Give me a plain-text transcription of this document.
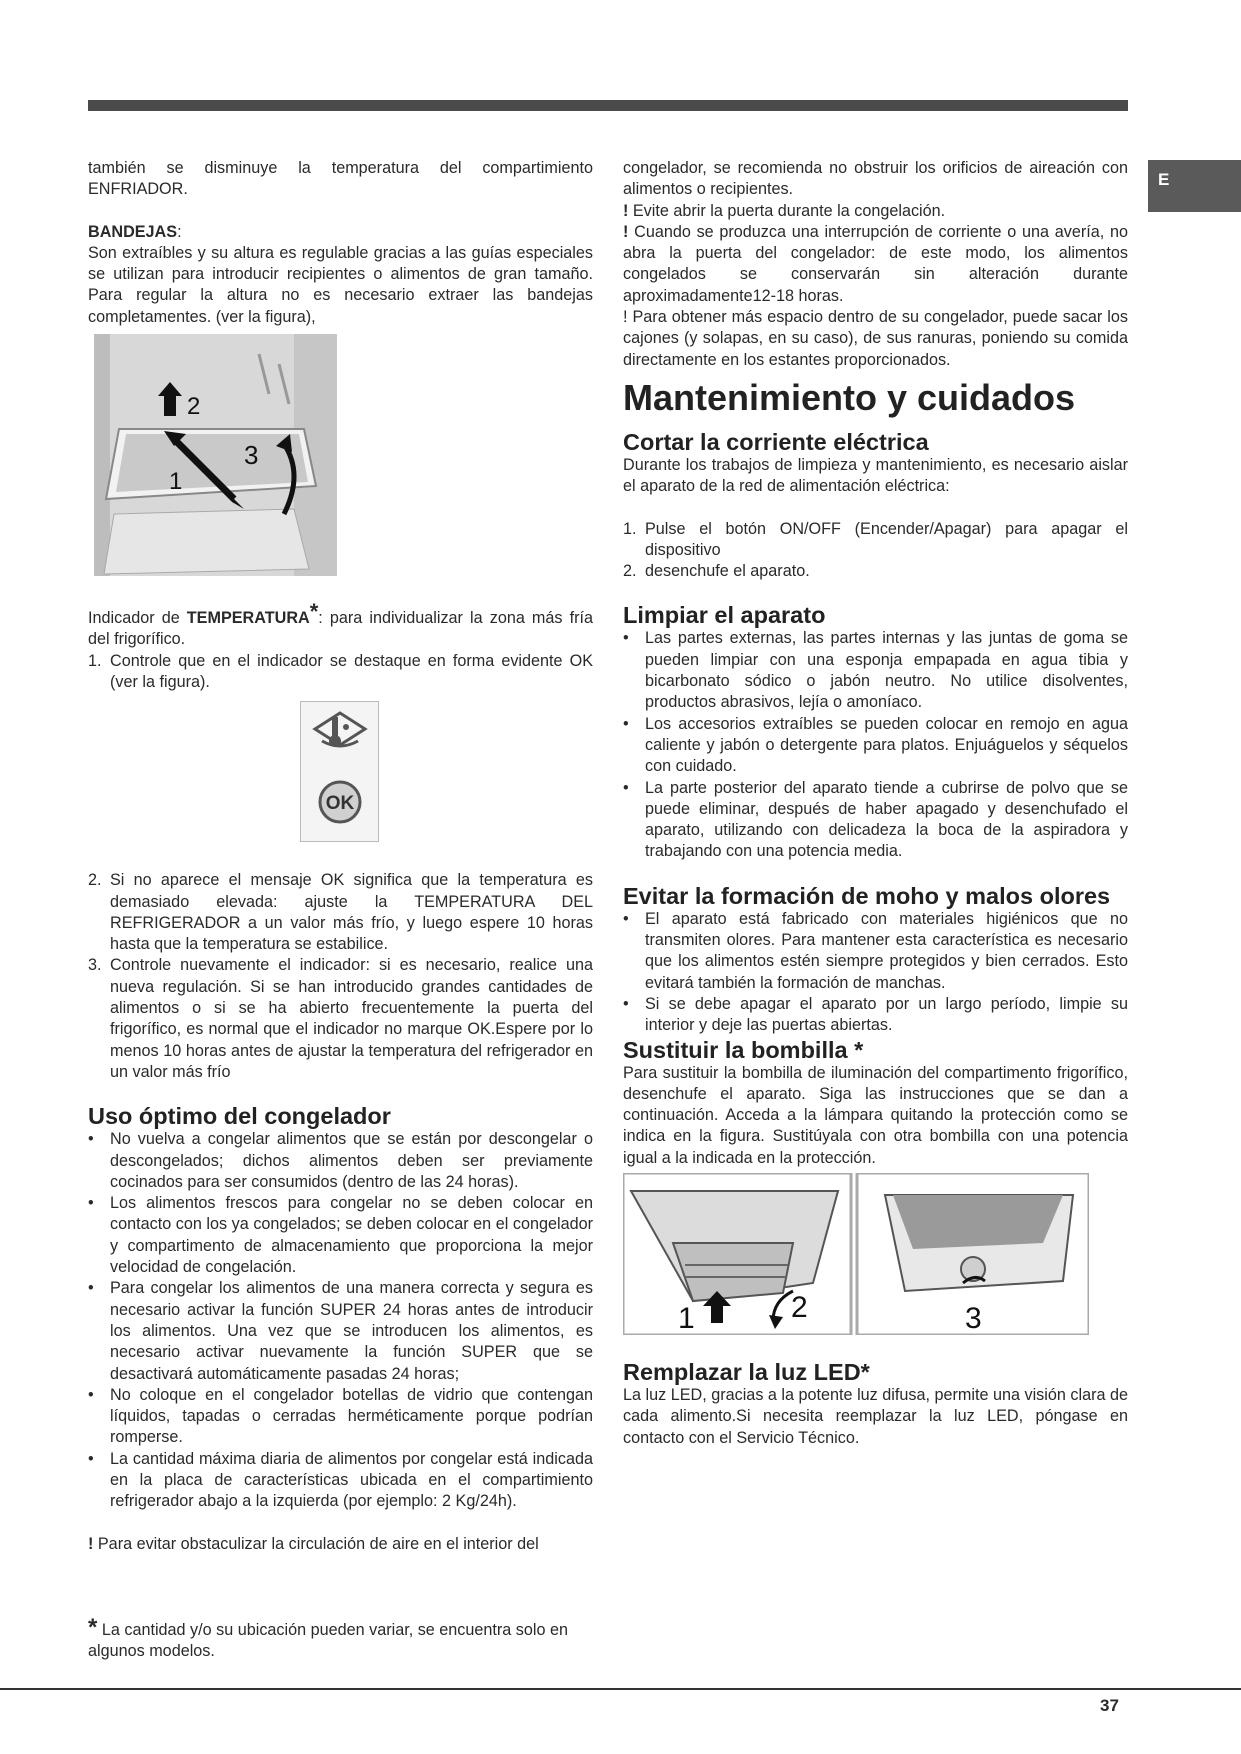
E

también se disminuye la temperatura del compartimiento ENFRIADOR.

BANDEJAS:

Son extraíbles y su altura es regulable gracias a las guías especiales se utilizan para introducir recipientes o alimentos de gran tamaño. Para regular la altura no es necesario extraer las bandejas completamentes. (ver la figura),

2
3
1

Indicador de TEMPERATURA*: para individualizar la zona más fría del frigorífico.

1. Controle que en el indicador se destaque en forma evidente OK (ver la figura).
OK
2. Si no aparece el mensaje OK significa que la temperatura es demasiado elevada: ajuste la TEMPERATURA DEL REFRIGERADOR a un valor más frío, y luego espere 10 horas hasta que la temperatura se estabilice.
3. Controle nuevamente el indicador: si es necesario, realice una nueva regulación. Si se han introducido grandes cantidades de alimentos o si se ha abierto frecuentemente la puerta del frigorífico, es normal que el indicador no marque OK.Espere por lo menos 10 horas antes de ajustar la temperatura del refrigerador en un valor más frío
Uso óptimo del congelador
• No vuelva a congelar alimentos que se están por descongelar o descongelados; dichos alimentos deben ser previamente cocinados para ser consumidos (dentro de las 24 horas).
• Los alimentos frescos para congelar no se deben colocar en contacto con los ya congelados; se deben colocar en el congelador y compartimento de almacenamiento que proporciona la mejor velocidad de congelación.
• Para congelar los alimentos de una manera correcta y segura es necesario activar la función SUPER 24 horas antes de introducir los alimentos. Una vez que se introducen los alimentos, es necesario activar nuevamente la función SUPER que se desactivará automáticamente pasadas 24 horas;
• No coloque en el congelador botellas de vidrio que contengan líquidos, tapadas o cerradas herméticamente porque podrían romperse.
• La cantidad máxima diaria de alimentos por congelar está indicada en la placa de características ubicada en el compartimiento refrigerador abajo a la izquierda (por ejemplo: 2 Kg/24h).

! Para evitar obstaculizar la circulación de aire en el interior del

* La cantidad y/o su ubicación pueden variar, se encuentra solo en algunos modelos.

congelador, se recomienda no obstruir los orificios de aireación con alimentos o recipientes.

! Evite abrir la puerta durante la congelación.

! Cuando se produzca una interrupción de corriente o una avería, no abra la puerta del congelador: de este modo, los alimentos congelados se conservarán sin alteración durante aproximadamente12-18 horas.

! Para obtener más espacio dentro de su congelador, puede sacar los cajones (y solapas, en su caso), de sus ranuras, poniendo su comida directamente en los estantes proporcionados.

Mantenimiento y cuidados
Cortar la corriente eléctrica

Durante los trabajos de limpieza y mantenimiento, es necesario aislar el aparato de la red de alimentación eléctrica:

1. Pulse el botón ON/OFF (Encender/Apagar) para apagar el dispositivo
2. desenchufe el aparato.
Limpiar el aparato
• Las partes externas, las partes internas y las juntas de goma se pueden limpiar con una esponja empapada en agua tibia y bicarbonato sódico o jabón neutro. No utilice disolventes, productos abrasivos, lejía o amoníaco.
• Los accesorios extraíbles se pueden colocar en remojo en agua caliente y jabón o detergente para platos. Enjuáguelos y séquelos con cuidado.
• La parte posterior del aparato tiende a cubrirse de polvo que se puede eliminar, después de haber apagado y desenchufado el aparato, utilizando con delicadeza la boca de la aspiradora y trabajando con una potencia media.
Evitar la formación de moho y malos olores
• El aparato está fabricado con materiales higiénicos que no transmiten olores. Para mantener esta característica es necesario que los alimentos estén siempre protegidos y bien cerrados. Esto evitará también la formación de manchas.
• Si se debe apagar el aparato por un largo período, limpie su interior y deje las puertas abiertas.
Sustituir la bombilla *

Para sustituir la bombilla de iluminación del compartimento frigorífico, desenchufe el aparato. Siga las instrucciones que se dan a continuación. Acceda a la lámpara quitando la protección como se indica en la figura. Sustitúyala con otra bombilla con una potencia igual a la indicada en la protección.

1	2	3
Remplazar la luz LED*

La luz LED, gracias a la potente luz difusa, permite una visión clara de cada alimento.Si necesita reemplazar la luz LED, póngase en contacto con el Servicio Técnico.

37
